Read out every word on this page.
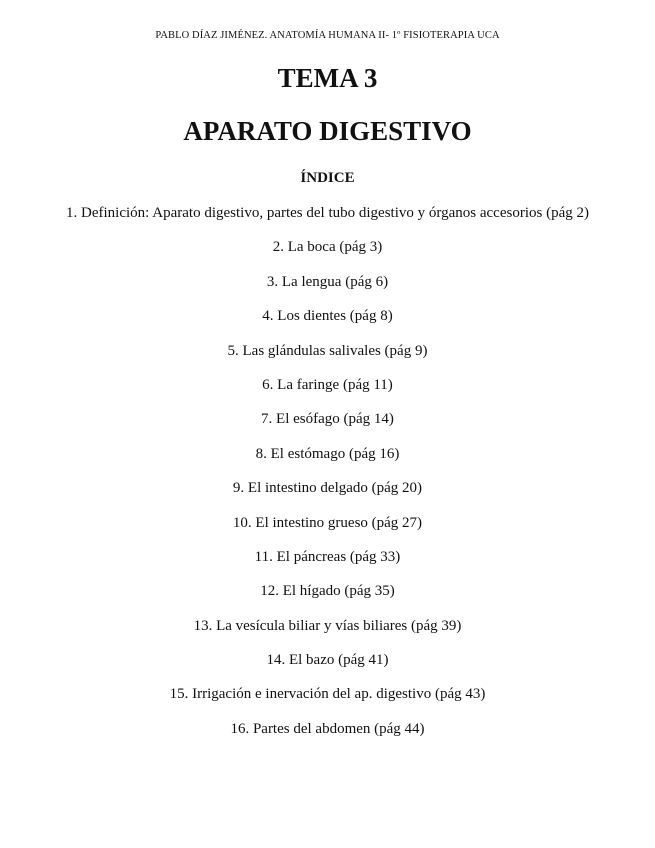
PABLO DÍAZ JIMÉNEZ. ANATOMÍA HUMANA II- 1º FISIOTERAPIA UCA
TEMA 3
APARATO DIGESTIVO
ÍNDICE
1. Definición: Aparato digestivo, partes del tubo digestivo y órganos accesorios (pág 2)
2. La boca (pág 3)
3. La lengua (pág 6)
4. Los dientes (pág 8)
5. Las glándulas salivales (pág 9)
6. La faringe (pág 11)
7. El esófago (pág 14)
8. El estómago (pág 16)
9. El intestino delgado (pág 20)
10. El intestino grueso (pág 27)
11. El páncreas (pág 33)
12. El hígado (pág 35)
13. La vesícula biliar y vías biliares (pág 39)
14. El bazo (pág 41)
15. Irrigación e inervación del ap. digestivo (pág 43)
16. Partes del abdomen (pág 44)
